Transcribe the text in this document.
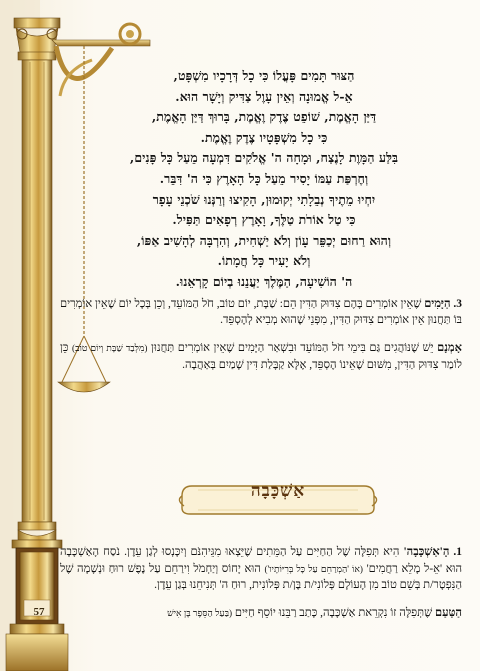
57
הַצּוּר תָּמִים פָּעֳלוֹ כִּי כָל דְּרָכָיו מִשְׁפָּט,
אֵ-ל אֱמוּנָה וְאֵין עָוֶל צַדִּיק וְיָשָׁר הוּא.
דַּיַּן הָאֱמֶת, שׁוֹפֵט צֶדֶק וֶאֱמֶת, בָּרוּךְ דַּיַּן הָאֱמֶת,
כִּי כָל מִשְׁפָּטָיו צֶדֶק וֶאֱמֶת.
בִּלַּע הַמָּוֶת לָנֶצַח, וּמָחָה ה' אֱלֹקִים דִּמְעָה מֵעַל כָּל פָּנִים,
וְחֶרְפַּת עַמּוֹ יָסִיר מֵעַל כָּל הָאָרֶץ כִּי ה' דִּבֵּר.
יִחְיוּ מֵתֶיךָ נְבֵלָתִי יְקוּמוּן, הָקִיצוּ וְרַנְּנוּ שֹׁכְנֵי עָפָר
כִּי טַל אוֹרֹת טַלֶּךָ, וָאָרֶץ רְפָאִים תַּפִּיל.
וְהוּא רַחוּם יְכַפֵּר עָוֹן וְלֹא יַשְׁחִית, וְהִרְבָּה לְהָשִׁיב אַפּוֹ,
וְלֹא יָעִיר כָּל חֲמָתוֹ.
ה' הוֹשִׁיעָה, הַמֶּלֶךְ יַעֲנֵנוּ בְיוֹם קָרְאֵנוּ.

3. הַיָּמִים שֶׁאֵין אוֹמְרִים בָּהֶם צִדּוּק הַדִּין הֵם: שַׁבָּת, יוֹם טוֹב, חֹל הַמּוֹעֵד, וְכֵן בְּכָל יוֹם שֶׁאֵין אוֹמְרִים בּוֹ תַּחֲנוּן אֵין אוֹמְרִים צִדּוּק הַדִּין, מִפְּנֵי שֶׁהוּא מְבִיא לְהֶסְפֵּד.

אָמְנָם יֵשׁ שֶׁנּוֹהֲגִים גַּם בִּימֵי חֹל הַמּוֹעֵד וּבִשְׁאַר הַיָּמִים שֶׁאֵין אוֹמְרִים תַּחֲנוּן (מִלְּבַד שַׁבָּת וְיוֹם טוֹב) כֵּן לוֹמַר צִדּוּק הַדִּין, מִשּׁוּם שֶׁאֵינוֹ הֶסְפֵּד, אֶלָּא קַבָּלַת דִּין שָׁמַיִם בְּאַהֲבָה.

אַשְׁכָּבָה

1. הָ'אַשְׁכָּבָה' הִיא תְּפִלָּה שֶׁל הַחַיִּים עַל הַמֵּתִים שֶׁיֵּצְאוּ מִגֵּיהִנֹּם וְיִכָּנְסוּ לְגַן עֵדֶן. נֹסַח הָאַשְׁכָּבָה הוּא 'אֵ-ל מָלֵא רַחֲמִים' (אוֹ 'הַמְרַחֵם עַל כָּל בְּרִיּוֹתָיו') הוּא יָחוֹס וְיַחְמֹל וִירַחֵם עַל נֶפֶשׁ רוּחַ וּנְשָׁמָה שֶׁל הַנִּפְטָר/ת בְּשֵׁם טוֹב מִן הָעוֹלָם פְּלוֹנִי/ת בֶּן/ת פְּלוֹנִית, רוּחַ ה' תְּנִיחֵנוּ בְּגַן עֵדֶן.

הַטַּעַם שֶׁתְּפִלָּה זוֹ נִקְרֵאת אַשְׁכָּבָה, כָּתַב רַבֵּנוּ יוֹסֵף חַיִּים (בַּעַל הַסֵּפֶר בֶּן אִישׁ
